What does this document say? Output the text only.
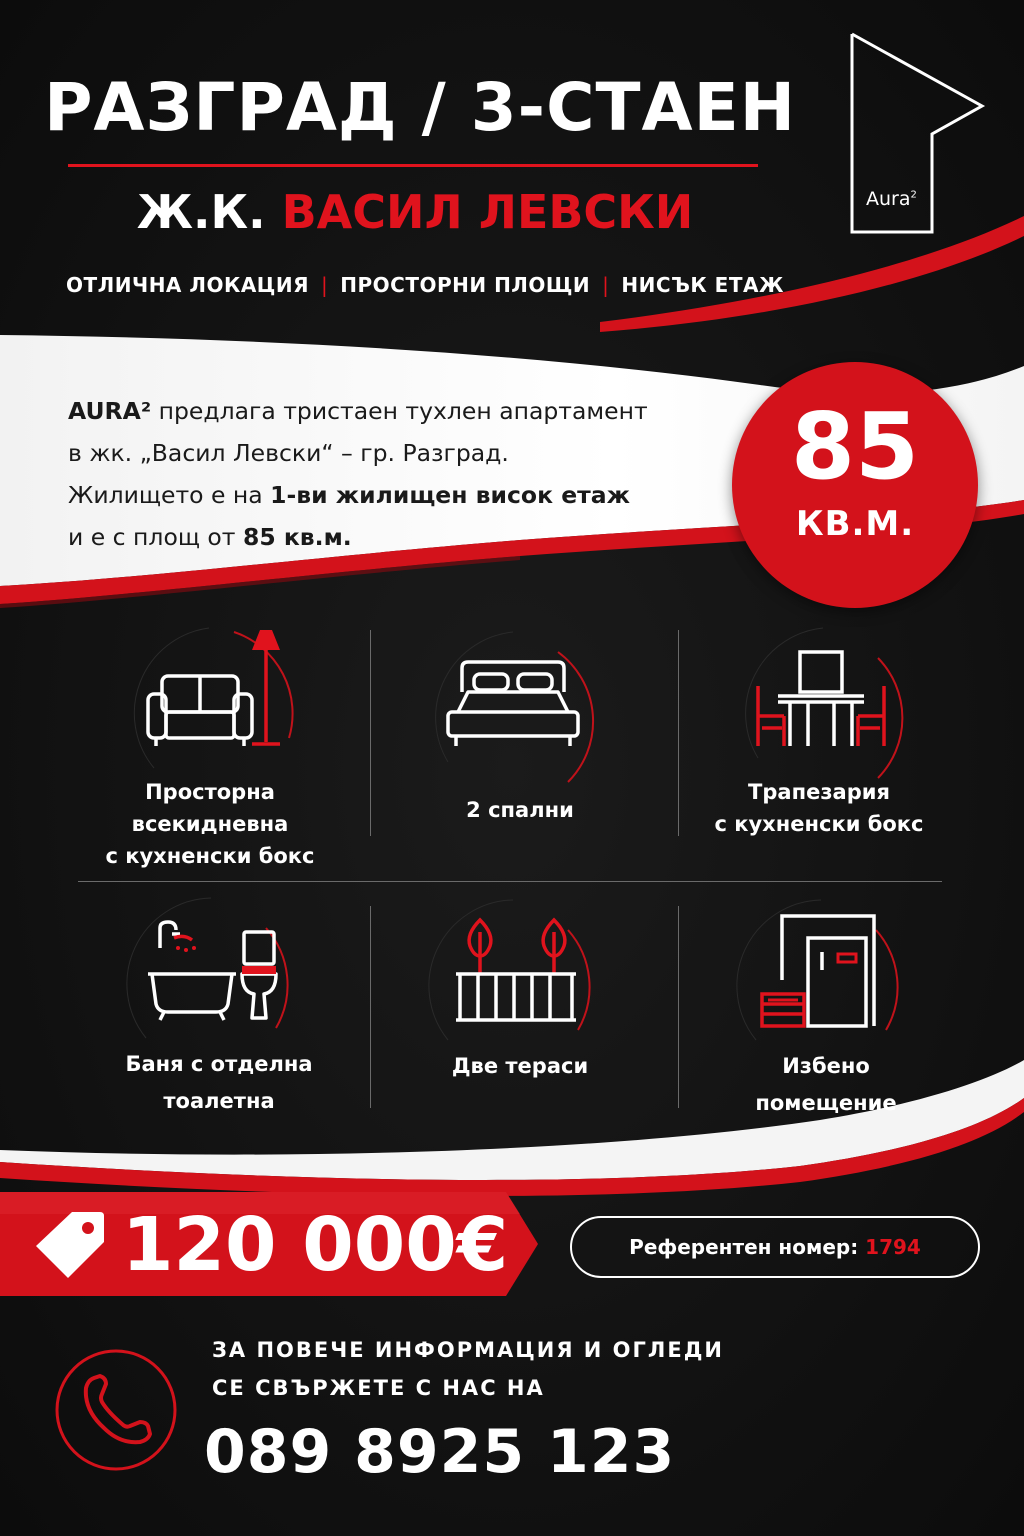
РАЗГРАД / 3-СТАЕН
Ж.К. ВАСИЛ ЛЕВСКИ
ОТЛИЧНА ЛОКАЦИЯ | ПРОСТОРНИ ПЛОЩИ | НИСЪК ЕТАЖ
Aura$^2$

AURA² предлага тристаен тухлен апартамент

в жк. „Васил Левски“ – гр. Разград.

Жилището е на 1-ви жилищен висок етаж

и е с площ от 85 кв.м.

85
КВ.М.
Просторна
всекидневна
с кухненски бокс
2 спални
Трапезария
с кухненски бокс
Баня с отделна
тоалетна
Две тераси	Избено
помещение
120 000€	Референтен номер: 1794
ЗА ПОВЕЧЕ ИНФОРМАЦИЯ И ОГЛЕДИ
СЕ СВЪРЖЕТЕ С НАС НА
089 8925 123
